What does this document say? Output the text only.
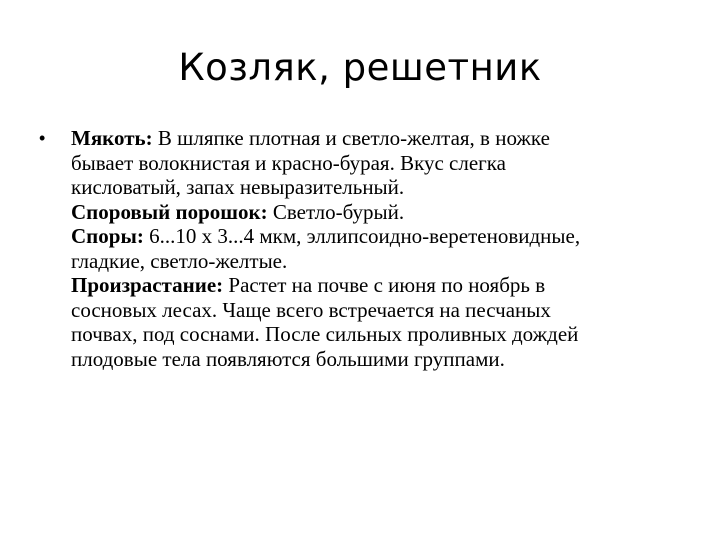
Козляк, решетник
• Мякоть: В шляпке плотная и светло-желтая, в ножке
бывает волокнистая и красно-бурая. Вкус слегка
кисловатый, запах невыразительный.
Споровый порошок: Светло-бурый.
Споры: 6...10 х 3...4 мкм, эллипсоидно-веретеновидные,
гладкие, светло-желтые.
Произрастание: Растет на почве с июня по ноябрь в
сосновых лесах. Чаще всего встречается на песчаных
почвах, под соснами. После сильных проливных дождей
плодовые тела появляются большими группами.
